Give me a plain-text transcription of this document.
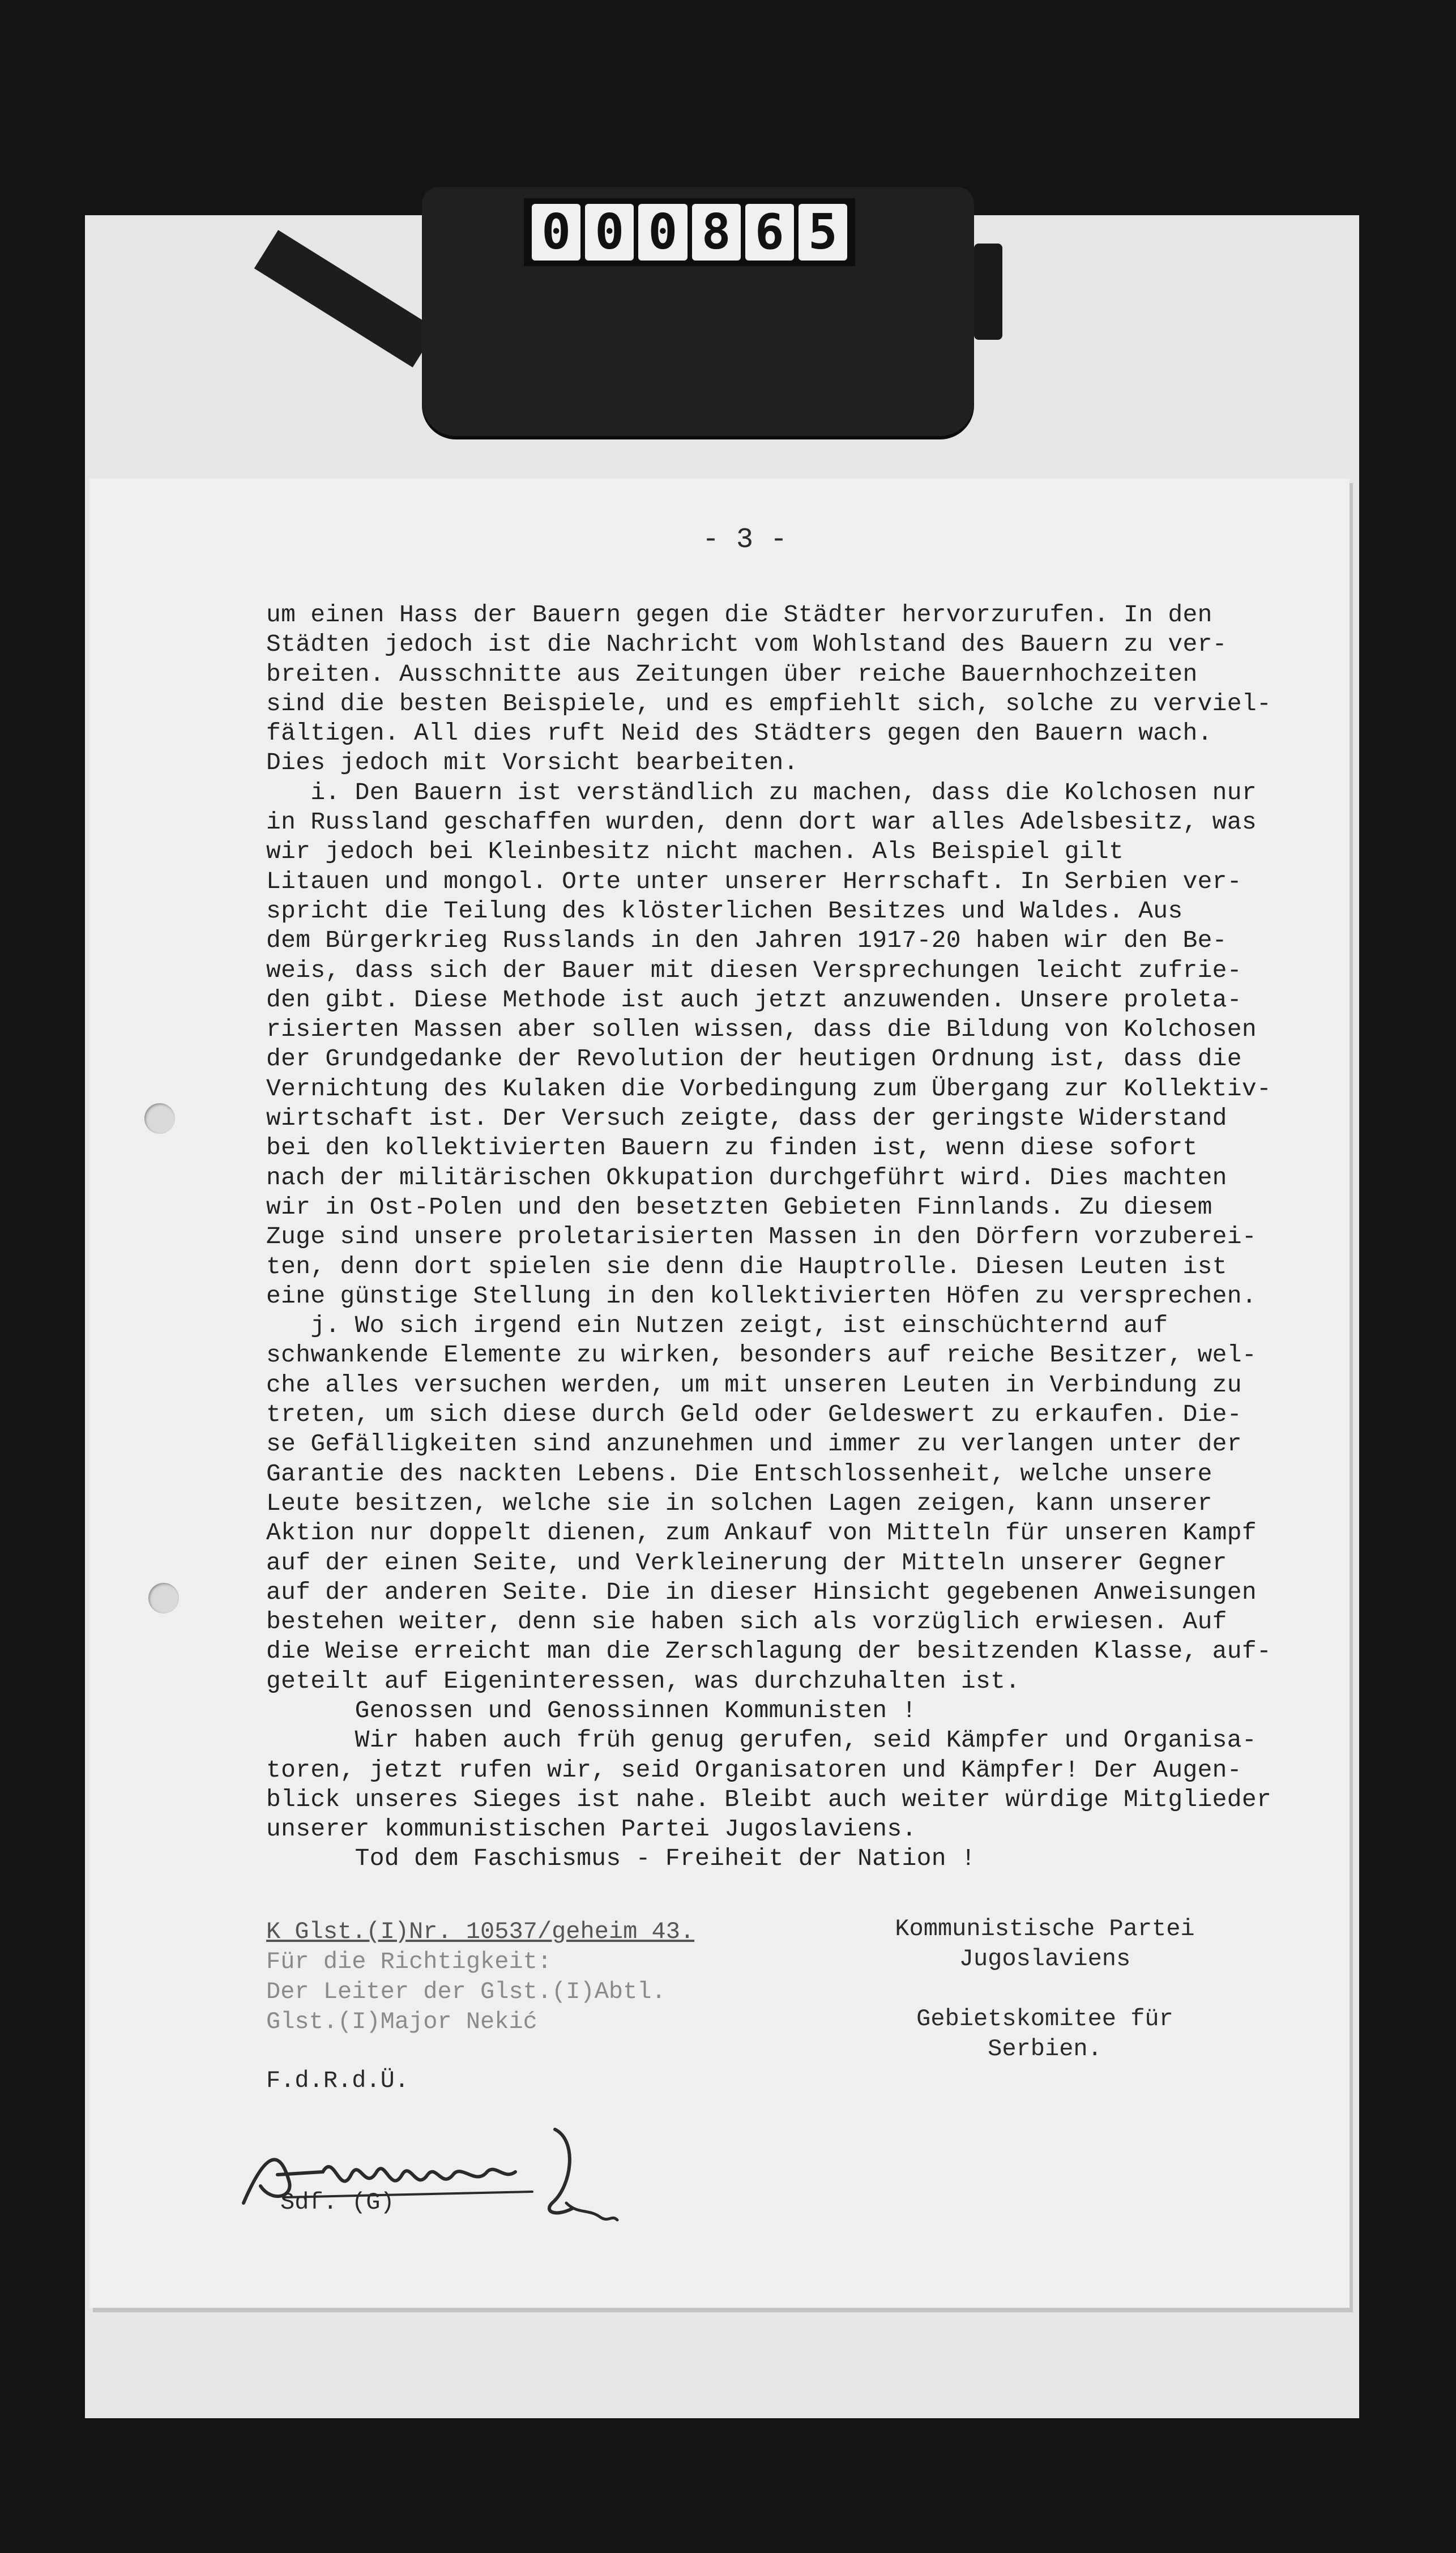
0 0 0 8 6 5
- 3 -
um einen Hass der Bauern gegen die Städter hervorzurufen. In den
Städten jedoch ist die Nachricht vom Wohlstand des Bauern zu ver-
breiten. Ausschnitte aus Zeitungen über reiche Bauernhochzeiten
sind die besten Beispiele, und es empfiehlt sich, solche zu verviel-
fältigen. All dies ruft Neid des Städters gegen den Bauern wach.
Dies jedoch mit Vorsicht bearbeiten.
i. Den Bauern ist verständlich zu machen, dass die Kolchosen nur
in Russland geschaffen wurden, denn dort war alles Adelsbesitz, was
wir jedoch bei Kleinbesitz nicht machen. Als Beispiel gilt
Litauen und mongol. Orte unter unserer Herrschaft. In Serbien ver-
spricht die Teilung des klösterlichen Besitzes und Waldes. Aus
dem Bürgerkrieg Russlands in den Jahren 1917-20 haben wir den Be-
weis, dass sich der Bauer mit diesen Versprechungen leicht zufrie-
den gibt. Diese Methode ist auch jetzt anzuwenden. Unsere proleta-
risierten Massen aber sollen wissen, dass die Bildung von Kolchosen
der Grundgedanke der Revolution der heutigen Ordnung ist, dass die
Vernichtung des Kulaken die Vorbedingung zum Übergang zur Kollektiv-
wirtschaft ist. Der Versuch zeigte, dass der geringste Widerstand
bei den kollektivierten Bauern zu finden ist, wenn diese sofort
nach der militärischen Okkupation durchgeführt wird. Dies machten
wir in Ost-Polen und den besetzten Gebieten Finnlands. Zu diesem
Zuge sind unsere proletarisierten Massen in den Dörfern vorzuberei-
ten, denn dort spielen sie denn die Hauptrolle. Diesen Leuten ist
eine günstige Stellung in den kollektivierten Höfen zu versprechen.
j. Wo sich irgend ein Nutzen zeigt, ist einschüchternd auf
schwankende Elemente zu wirken, besonders auf reiche Besitzer, wel-
che alles versuchen werden, um mit unseren Leuten in Verbindung zu
treten, um sich diese durch Geld oder Geldeswert zu erkaufen. Die-
se Gefälligkeiten sind anzunehmen und immer zu verlangen unter der
Garantie des nackten Lebens. Die Entschlossenheit, welche unsere
Leute besitzen, welche sie in solchen Lagen zeigen, kann unserer
Aktion nur doppelt dienen, zum Ankauf von Mitteln für unseren Kampf
auf der einen Seite, und Verkleinerung der Mitteln unserer Gegner
auf der anderen Seite. Die in dieser Hinsicht gegebenen Anweisungen
bestehen weiter, denn sie haben sich als vorzüglich erwiesen. Auf
die Weise erreicht man die Zerschlagung der besitzenden Klasse, auf-
geteilt auf Eigeninteressen, was durchzuhalten ist.
Genossen und Genossinnen Kommunisten !
Wir haben auch früh genug gerufen, seid Kämpfer und Organisa-
toren, jetzt rufen wir, seid Organisatoren und Kämpfer! Der Augen-
blick unseres Sieges ist nahe. Bleibt auch weiter würdige Mitglieder
unserer kommunistischen Partei Jugoslaviens.
Tod dem Faschismus - Freiheit der Nation !
K Glst.(I)Nr. 10537/geheim 43.
Für die Richtigkeit:
Der Leiter der Glst.(I)Abtl.
Glst.(I)Major Nekić
Kommunistische Partei
Jugoslaviens

Gebietskomitee für
Serbien.
F.d.R.d.Ü.
Sdf. (G)
